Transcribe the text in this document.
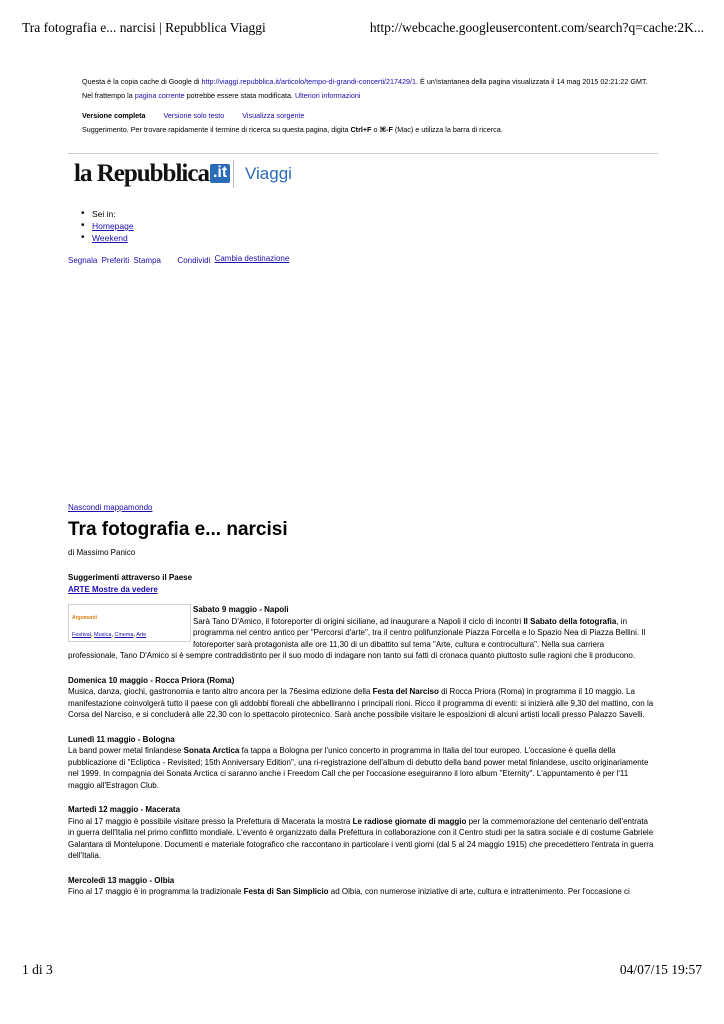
Tra fotografia e... narcisi | Repubblica Viaggi	http://webcache.googleusercontent.com/search?q=cache:2K...
1 di 3	04/07/15 19:57
Questa è la copia cache di Google di http://viaggi.repubblica.it/articolo/tempo-di-grandi-concerti/217429/1. È un'istantanea della pagina visualizzata il 14 mag 2015 02:21:22 GMT.
Nel frattempo la pagina corrente potrebbe essere stata modificata. Ulteriori informazioni
Versione completa	Versione solo testo	Visualizza sorgente
Suggerimento. Per trovare rapidamente il termine di ricerca su questa pagina, digita Ctrl+F o ⌘-F (Mac) e utilizza la barra di ricerca.
la Repubblica .it Viaggi
• Sei in:
• Homepage
• Weekend
Segnala Preferiti Stampa Condividi Cambia destinazione
Nascondi mappamondo
Tra fotografia e... narcisi
di Massimo Panico
Suggerimenti attraverso il Paese
ARTE Mostre da vedere
Argomenti
Festival, Musica, Cinema, Arte

Sabato 9 maggio - Napoli
Sarà Tano D'Amico, il fotoreporter di origini siciliane, ad inaugurare a Napoli il ciclo di incontri Il Sabato della fotografia, in programma nel centro antico per "Percorsi d'arte", tra il centro polifunzionale Piazza Forcella e lo Spazio Nea di Piazza Bellini. Il fotoreporter sarà protagonista alle ore 11,30 di un dibattito sul tema "Arte, cultura e controcultura". Nella sua carriera professionale, Tano D'Amico si è sempre contraddistinto per il suo modo di indagare non tanto sui fatti di cronaca quanto piuttosto sulle ragioni che li producono.

Domenica 10 maggio - Rocca Priora (Roma)
Musica, danza, giochi, gastronomia e tanto altro ancora per la 76esima edizione della Festa del Narciso di Rocca Priora (Roma) in programma il 10 maggio. La manifestazione coinvolgerà tutto il paese con gli addobbi floreali che abbelliranno i principali rioni. Ricco il programma di eventi: si inizierà alle 9,30 del mattino, con la Corsa del Narciso, e si concluderà alle 22,30 con lo spettacolo pirotecnico. Sarà anche possibile visitare le esposizioni di alcuni artisti locali presso Palazzo Savelli.

Lunedì 11 maggio - Bologna
La band power metal finlandese Sonata Arctica fa tappa a Bologna per l'unico concerto in programma in Italia del tour europeo. L'occasione è quella della pubblicazione di "Ecliptica - Revisited; 15th Anniversary Edition", una ri-registrazione dell'album di debutto della band power metal finlandese, uscito originariamente nel 1999. In compagnia dei Sonata Arctica ci saranno anche i Freedom Call che per l'occasione eseguiranno il loro album "Eternity". L'appuntamento è per l'11 maggio all'Estragon Club.

Martedì 12 maggio - Macerata
Fino al 17 maggio è possibile visitare presso la Prefettura di Macerata la mostra Le radiose giornate di maggio per la commemorazione del centenario dell'entrata in guerra dell'Italia nel primo conflitto mondiale. L'evento è organizzato dalla Prefettura in collaborazione con il Centro studi per la satira sociale e di costume Gabriele Galantara di Montelupone. Documenti e materiale fotografico che raccontano in particolare i venti giorni (dal 5 al 24 maggio 1915) che precedettero l'entrata in guerra dell'Italia.

Mercoledì 13 maggio - Olbia
Fino al 17 maggio è in programma la tradizionale Festa di San Simplicio ad Olbia, con numerose iniziative di arte, cultura e intrattenimento. Per l'occasione ci
